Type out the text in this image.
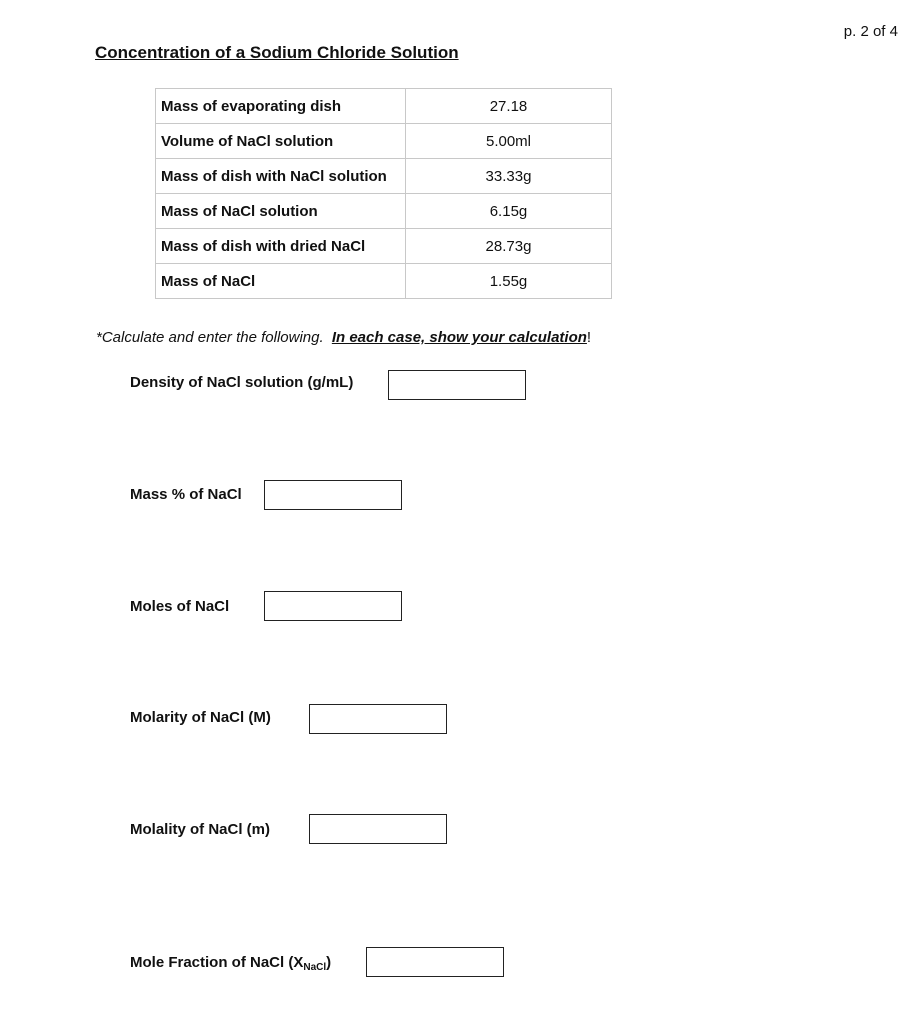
p. 2 of 4
Concentration of a Sodium Chloride Solution
Mass of evaporating dish	27.18
Volume of NaCl solution	5.00ml
Mass of dish with NaCl solution	33.33g
Mass of NaCl solution	6.15g
Mass of dish with dried NaCl	28.73g
Mass of NaCl	1.55g
*Calculate and enter the following. In each case, show your calculation!
Density of NaCl solution (g/mL)
Mass % of NaCl
Moles of NaCl
Molarity of NaCl (M)
Molality of NaCl (m)
Mole Fraction of NaCl $(X_{NaCl})$
